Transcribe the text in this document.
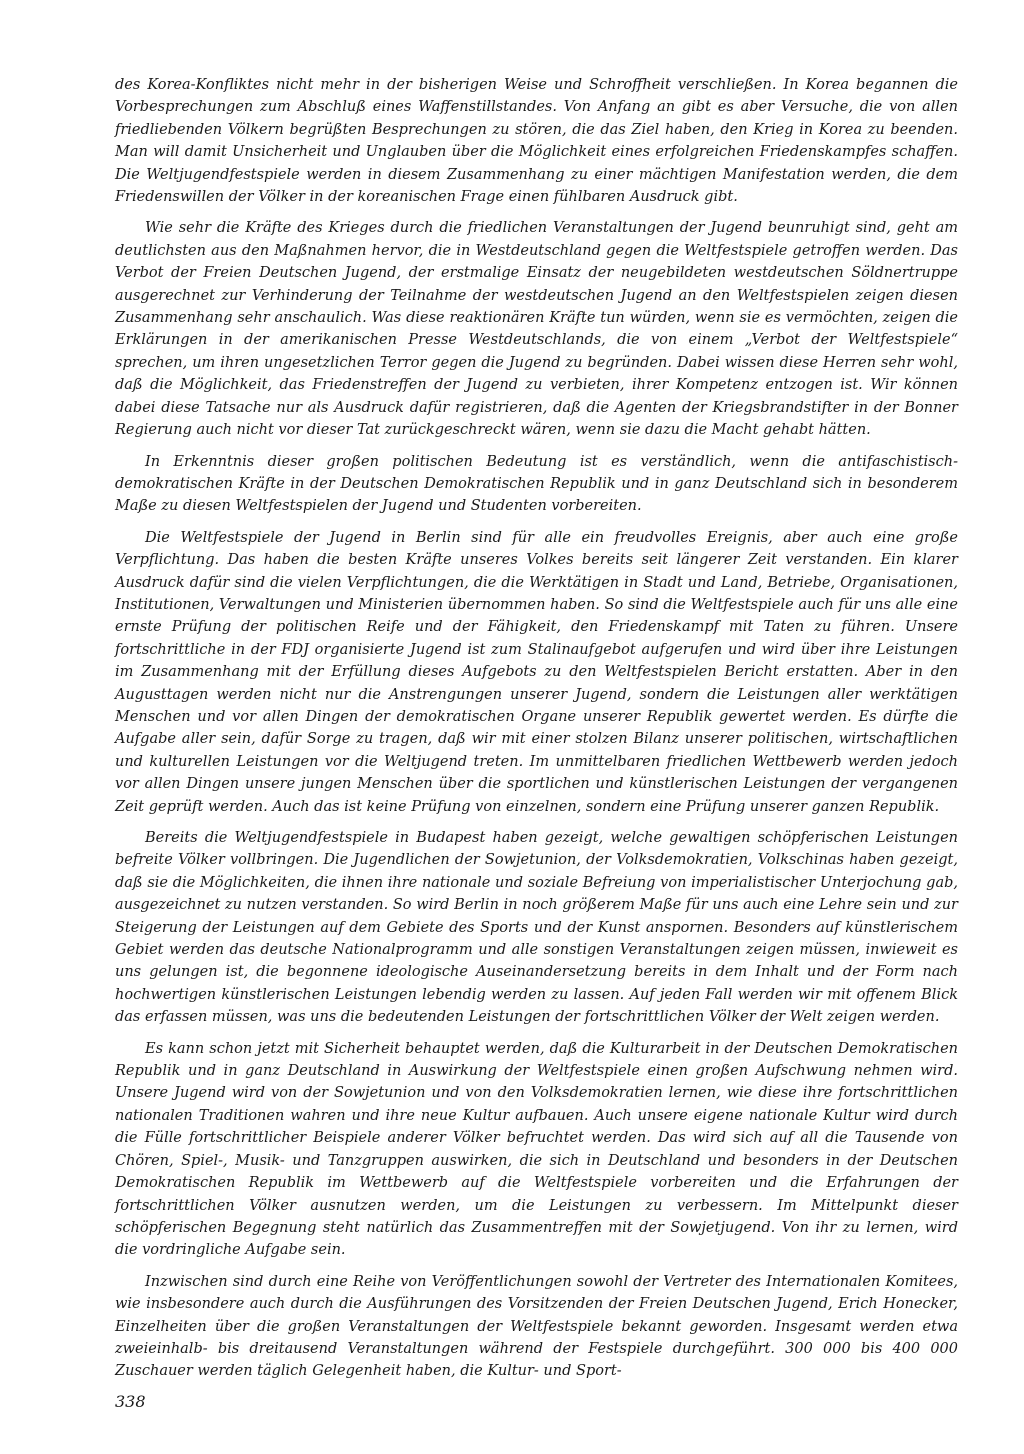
des Korea-Konfliktes nicht mehr in der bisherigen Weise und Schroffheit verschließen. In Korea begannen die Vorbesprechungen zum Abschluß eines Waffenstillstandes. Von Anfang an gibt es aber Versuche, die von allen friedliebenden Völkern begrüßten Besprechungen zu stören, die das Ziel haben, den Krieg in Korea zu beenden. Man will damit Unsicherheit und Unglauben über die Möglichkeit eines erfolgreichen Friedenskampfes schaffen. Die Weltjugendfestspiele werden in diesem Zusammenhang zu einer mächtigen Manifestation werden, die dem Friedenswillen der Völker in der koreanischen Frage einen fühlbaren Ausdruck gibt.

Wie sehr die Kräfte des Krieges durch die friedlichen Veranstaltungen der Jugend beunruhigt sind, geht am deutlichsten aus den Maßnahmen hervor, die in Westdeutschland gegen die Weltfestspiele getroffen werden. Das Verbot der Freien Deutschen Jugend, der erstmalige Einsatz der neugebildeten westdeutschen Söldnertruppe ausgerechnet zur Verhinderung der Teilnahme der westdeutschen Jugend an den Weltfestspielen zeigen diesen Zusammenhang sehr anschaulich. Was diese reaktionären Kräfte tun würden, wenn sie es vermöchten, zeigen die Erklärungen in der amerikanischen Presse Westdeutschlands, die von einem „Verbot der Weltfestspiele“ sprechen, um ihren ungesetzlichen Terror gegen die Jugend zu begründen. Dabei wissen diese Herren sehr wohl, daß die Möglichkeit, das Friedenstreffen der Jugend zu verbieten, ihrer Kompetenz entzogen ist. Wir können dabei diese Tatsache nur als Ausdruck dafür registrieren, daß die Agenten der Kriegsbrandstifter in der Bonner Regierung auch nicht vor dieser Tat zurückgeschreckt wären, wenn sie dazu die Macht gehabt hätten.

In Erkenntnis dieser großen politischen Bedeutung ist es verständlich, wenn die antifaschistisch-demokratischen Kräfte in der Deutschen Demokratischen Republik und in ganz Deutschland sich in besonderem Maße zu diesen Weltfestspielen der Jugend und Studenten vorbereiten.

Die Weltfestspiele der Jugend in Berlin sind für alle ein freudvolles Ereignis, aber auch eine große Verpflichtung. Das haben die besten Kräfte unseres Volkes bereits seit längerer Zeit verstanden. Ein klarer Ausdruck dafür sind die vielen Verpflichtungen, die die Werktätigen in Stadt und Land, Betriebe, Organisationen, Institutionen, Verwaltungen und Ministerien übernommen haben. So sind die Weltfestspiele auch für uns alle eine ernste Prüfung der politischen Reife und der Fähigkeit, den Friedenskampf mit Taten zu führen. Unsere fortschrittliche in der FDJ organisierte Jugend ist zum Stalinaufgebot aufgerufen und wird über ihre Leistungen im Zusammenhang mit der Erfüllung dieses Aufgebots zu den Weltfestspielen Bericht erstatten. Aber in den Augusttagen werden nicht nur die Anstrengungen unserer Jugend, sondern die Leistungen aller werktätigen Menschen und vor allen Dingen der demokratischen Organe unserer Republik gewertet werden. Es dürfte die Aufgabe aller sein, dafür Sorge zu tragen, daß wir mit einer stolzen Bilanz unserer politischen, wirtschaftlichen und kulturellen Leistungen vor die Weltjugend treten. Im unmittelbaren friedlichen Wettbewerb werden jedoch vor allen Dingen unsere jungen Menschen über die sportlichen und künstlerischen Leistungen der vergangenen Zeit geprüft werden. Auch das ist keine Prüfung von einzelnen, sondern eine Prüfung unserer ganzen Republik.

Bereits die Weltjugendfestspiele in Budapest haben gezeigt, welche gewaltigen schöpferischen Leistungen befreite Völker vollbringen. Die Jugendlichen der Sowjetunion, der Volksdemokratien, Volkschinas haben gezeigt, daß sie die Möglichkeiten, die ihnen ihre nationale und soziale Befreiung von imperialistischer Unterjochung gab, ausgezeichnet zu nutzen verstanden. So wird Berlin in noch größerem Maße für uns auch eine Lehre sein und zur Steigerung der Leistungen auf dem Gebiete des Sports und der Kunst anspornen. Besonders auf künstlerischem Gebiet werden das deutsche Nationalprogramm und alle sonstigen Veranstaltungen zeigen müssen, inwieweit es uns gelungen ist, die begonnene ideologische Auseinandersetzung bereits in dem Inhalt und der Form nach hochwertigen künstlerischen Leistungen lebendig werden zu lassen. Auf jeden Fall werden wir mit offenem Blick das erfassen müssen, was uns die bedeutenden Leistungen der fortschrittlichen Völker der Welt zeigen werden.

Es kann schon jetzt mit Sicherheit behauptet werden, daß die Kulturarbeit in der Deutschen Demokratischen Republik und in ganz Deutschland in Auswirkung der Weltfestspiele einen großen Aufschwung nehmen wird. Unsere Jugend wird von der Sowjetunion und von den Volksdemokratien lernen, wie diese ihre fortschrittlichen nationalen Traditionen wahren und ihre neue Kultur aufbauen. Auch unsere eigene nationale Kultur wird durch die Fülle fortschrittlicher Beispiele anderer Völker befruchtet werden. Das wird sich auf all die Tausende von Chören, Spiel-, Musik- und Tanzgruppen auswirken, die sich in Deutschland und besonders in der Deutschen Demokratischen Republik im Wettbewerb auf die Weltfestspiele vorbereiten und die Erfahrungen der fortschrittlichen Völker ausnutzen werden, um die Leistungen zu verbessern. Im Mittelpunkt dieser schöpferischen Begegnung steht natürlich das Zusammentreffen mit der Sowjetjugend. Von ihr zu lernen, wird die vordringliche Aufgabe sein.

Inzwischen sind durch eine Reihe von Veröffentlichungen sowohl der Vertreter des Internationalen Komitees, wie insbesondere auch durch die Ausführungen des Vorsitzenden der Freien Deutschen Jugend, Erich Honecker, Einzelheiten über die großen Veranstaltungen der Weltfestspiele bekannt geworden. Insgesamt werden etwa zweieinhalb- bis dreitausend Veranstaltungen während der Festspiele durchgeführt. 300 000 bis 400 000 Zuschauer werden täglich Gelegenheit haben, die Kultur- und Sport-

338
